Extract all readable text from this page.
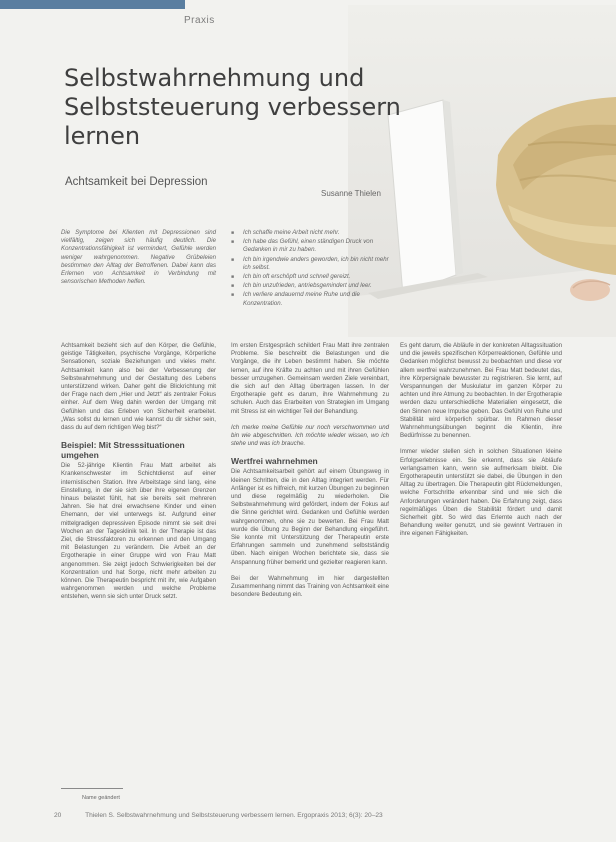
Praxis
Selbstwahrnehmung und Selbststeuerung verbessern lernen
Achtsamkeit bei Depression
Susanne Thielen
Die Symptome bei Klienten mit Depressionen sind vielfältig, zeigen sich häufig deutlich. Die Konzentrationsfähigkeit ist vermindert, Gefühle werden weniger wahrgenommen. Negative Grübeleien bestimmen den Alltag der Betroffenen. Dabei kann das Erlernen von Achtsamkeit in Verbindung mit sensorischen Methoden helfen.
■ Ich schaffe meine Arbeit nicht mehr.
■ Ich habe das Gefühl, einen ständigen Druck von Gedanken in mir zu haben.
■ Ich bin irgendwie anders geworden, ich bin nicht mehr ich selbst.
■ Ich bin oft erschöpft und schnell gereizt.
■ Ich bin unzufrieden, antriebsgemindert und leer.
■ Ich verliere andauernd meine Ruhe und die Konzentration.

Achtsamkeit bezieht sich auf den Körper, die Gefühle, geistige Tätigkeiten, psychische Vorgänge, Körperliche Sensationen, soziale Beziehungen und vieles mehr. Achtsamkeit kann also bei der Verbesserung der Selbstwahrnehmung und der Gestaltung des Lebens unterstützend wirken. Daher geht die Blickrichtung mit der Frage nach dem „Hier und Jetzt“ als zentraler Fokus einher. Auf dem Weg dahin werden der Umgang mit Gefühlen und das Erleben von Sicherheit erarbeitet. „Was sollst du lernen und wie kannst du dir sicher sein, dass du auf dem richtigen Weg bist?“

Beispiel: Mit Stresssituationen umgehen

Die 52-jährige Klientin Frau Matt arbeitet als Krankenschwester im Schichtdienst auf einer internistischen Station. Ihre Arbeitstage sind lang, eine Einstellung, in der sie sich über ihre eigenen Grenzen hinaus belastet fühlt, hat sie bereits seit mehreren Jahren. Sie hat drei erwachsene Kinder und einen Ehemann, der viel unterwegs ist. Aufgrund einer mittelgradigen depressiven Episode nimmt sie seit drei Wochen an der Tagesklinik teil. In der Therapie ist das Ziel, die Stressfaktoren zu erkennen und den Umgang mit Belastungen zu verändern. Die Arbeit an der Ergotherapie in einer Gruppe wird von Frau Matt angenommen. Sie zeigt jedoch Schwierigkeiten bei der Konzentration und hat Sorge, nicht mehr arbeiten zu können. Die Therapeutin bespricht mit ihr, wie Aufgaben wahrgenommen werden und welche Probleme entstehen, wenn sie sich unter Druck setzt.

Im ersten Erstgespräch schildert Frau Matt ihre zentralen Probleme. Sie beschreibt die Belastungen und die Vorgänge, die ihr Leben bestimmt haben. Sie möchte lernen, auf ihre Kräfte zu achten und mit ihren Gefühlen besser umzugehen. Gemeinsam werden Ziele vereinbart, die sich auf den Alltag übertragen lassen. In der Ergotherapie geht es darum, ihre Wahrnehmung zu schulen. Auch das Erarbeiten von Strategien im Umgang mit Stress ist ein wichtiger Teil der Behandlung.

Ich merke meine Gefühle nur noch verschwommen und bin wie abgeschnitten. Ich möchte wieder wissen, wo ich stehe und was ich brauche.

Wertfrei wahrnehmen

Die Achtsamkeitsarbeit gehört auf einem Übungsweg in kleinen Schritten, die in den Alltag integriert werden. Für Anfänger ist es hilfreich, mit kurzen Übungen zu beginnen und diese regelmäßig zu wiederholen. Die Selbstwahrnehmung wird gefördert, indem der Fokus auf die Sinne gerichtet wird. Gedanken und Gefühle werden wahrgenommen, ohne sie zu bewerten. Bei Frau Matt wurde die Übung zu Beginn der Behandlung eingeführt. Sie konnte mit Unterstützung der Therapeutin erste Erfahrungen sammeln und zunehmend selbstständig üben. Nach einigen Wochen berichtete sie, dass sie Anspannung früher bemerkt und gezielter reagieren kann.

Bei der Wahrnehmung im hier dargestellten Zusammenhang nimmt das Training von Achtsamkeit eine besondere Bedeutung ein.

Es geht darum, die Abläufe in der konkreten Alltagssituation und die jeweils spezifischen Körperreaktionen, Gefühle und Gedanken möglichst bewusst zu beobachten und diese vor allem wertfrei wahrzunehmen. Bei Frau Matt bedeutet das, ihre Körpersignale bewusster zu registrieren. Sie lernt, auf Verspannungen der Muskulatur im ganzen Körper zu achten und ihre Atmung zu beobachten. In der Ergotherapie werden dazu unterschiedliche Materialien eingesetzt, die den Sinnen neue Impulse geben. Das Gefühl von Ruhe und Stabilität wird körperlich spürbar. Im Rahmen dieser Wahrnehmungsübungen beginnt die Klientin, ihre Bedürfnisse zu benennen.

Immer wieder stellen sich in solchen Situationen kleine Erfolgserlebnisse ein. Sie erkennt, dass sie Abläufe verlangsamen kann, wenn sie aufmerksam bleibt. Die Ergotherapeutin unterstützt sie dabei, die Übungen in den Alltag zu übertragen. Die Therapeutin gibt Rückmeldungen, welche Fortschritte erkennbar sind und wie sich die Anforderungen verändert haben. Die Erfahrung zeigt, dass regelmäßiges Üben die Stabilität fördert und damit Sicherheit gibt. So wird das Erlernte auch nach der Behandlung weiter genutzt, und sie gewinnt Vertrauen in ihre eigenen Fähigkeiten.

Name geändert
20	Thielen S. Selbstwahrnehmung und Selbststeuerung verbessern lernen. Ergopraxis 2013; 6(3): 20–23
